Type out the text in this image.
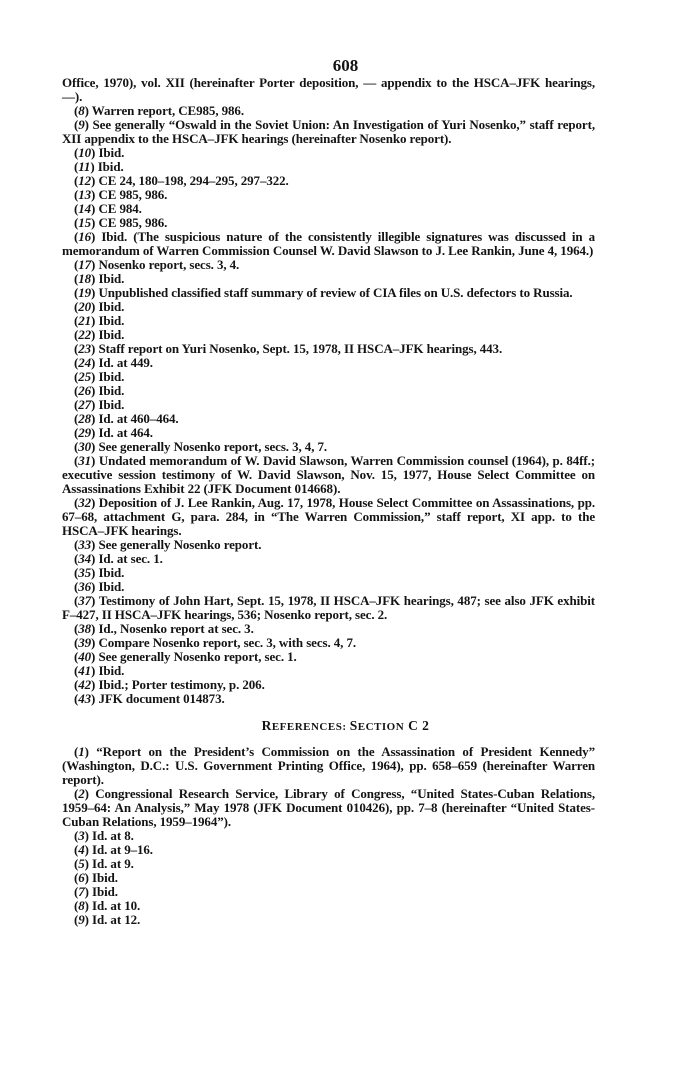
608

Office, 1970), vol. XII (hereinafter Porter deposition, — appendix to the HSCA–JFK hearings, —).

(8) Warren report, CE985, 986.

(9) See generally “Oswald in the Soviet Union: An Investigation of Yuri Nosenko,” staff report, XII appendix to the HSCA–JFK hearings (hereinafter Nosenko report).

(10) Ibid.

(11) Ibid.

(12) CE 24, 180–198, 294–295, 297–322.

(13) CE 985, 986.

(14) CE 984.

(15) CE 985, 986.

(16) Ibid. (The suspicious nature of the consistently illegible signatures was discussed in a memorandum of Warren Commission Counsel W. David Slawson to J. Lee Rankin, June 4, 1964.)

(17) Nosenko report, secs. 3, 4.

(18) Ibid.

(19) Unpublished classified staff summary of review of CIA files on U.S. defectors to Russia.

(20) Ibid.

(21) Ibid.

(22) Ibid.

(23) Staff report on Yuri Nosenko, Sept. 15, 1978, II HSCA–JFK hearings, 443.

(24) Id. at 449.

(25) Ibid.

(26) Ibid.

(27) Ibid.

(28) Id. at 460–464.

(29) Id. at 464.

(30) See generally Nosenko report, secs. 3, 4, 7.

(31) Undated memorandum of W. David Slawson, Warren Commission counsel (1964), p. 84ff.; executive session testimony of W. David Slawson, Nov. 15, 1977, House Select Committee on Assassinations Exhibit 22 (JFK Document 014668).

(32) Deposition of J. Lee Rankin, Aug. 17, 1978, House Select Committee on Assassinations, pp. 67–68, attachment G, para. 284, in “The Warren Commission,” staff report, XI app. to the HSCA–JFK hearings.

(33) See generally Nosenko report.

(34) Id. at sec. 1.

(35) Ibid.

(36) Ibid.

(37) Testimony of John Hart, Sept. 15, 1978, II HSCA–JFK hearings, 487; see also JFK exhibit F–427, II HSCA–JFK hearings, 536; Nosenko report, sec. 2.

(38) Id., Nosenko report at sec. 3.

(39) Compare Nosenko report, sec. 3, with secs. 4, 7.

(40) See generally Nosenko report, sec. 1.

(41) Ibid.

(42) Ibid.; Porter testimony, p. 206.

(43) JFK document 014873.

REFERENCES: SECTION C 2

(1) “Report on the President’s Commission on the Assassination of President Kennedy” (Washington, D.C.: U.S. Government Printing Office, 1964), pp. 658–659 (hereinafter Warren report).

(2) Congressional Research Service, Library of Congress, “United States-Cuban Relations, 1959–64: An Analysis,” May 1978 (JFK Document 010426), pp. 7–8 (hereinafter “United States-Cuban Relations, 1959–1964”).

(3) Id. at 8.

(4) Id. at 9–16.

(5) Id. at 9.

(6) Ibid.

(7) Ibid.

(8) Id. at 10.

(9) Id. at 12.
